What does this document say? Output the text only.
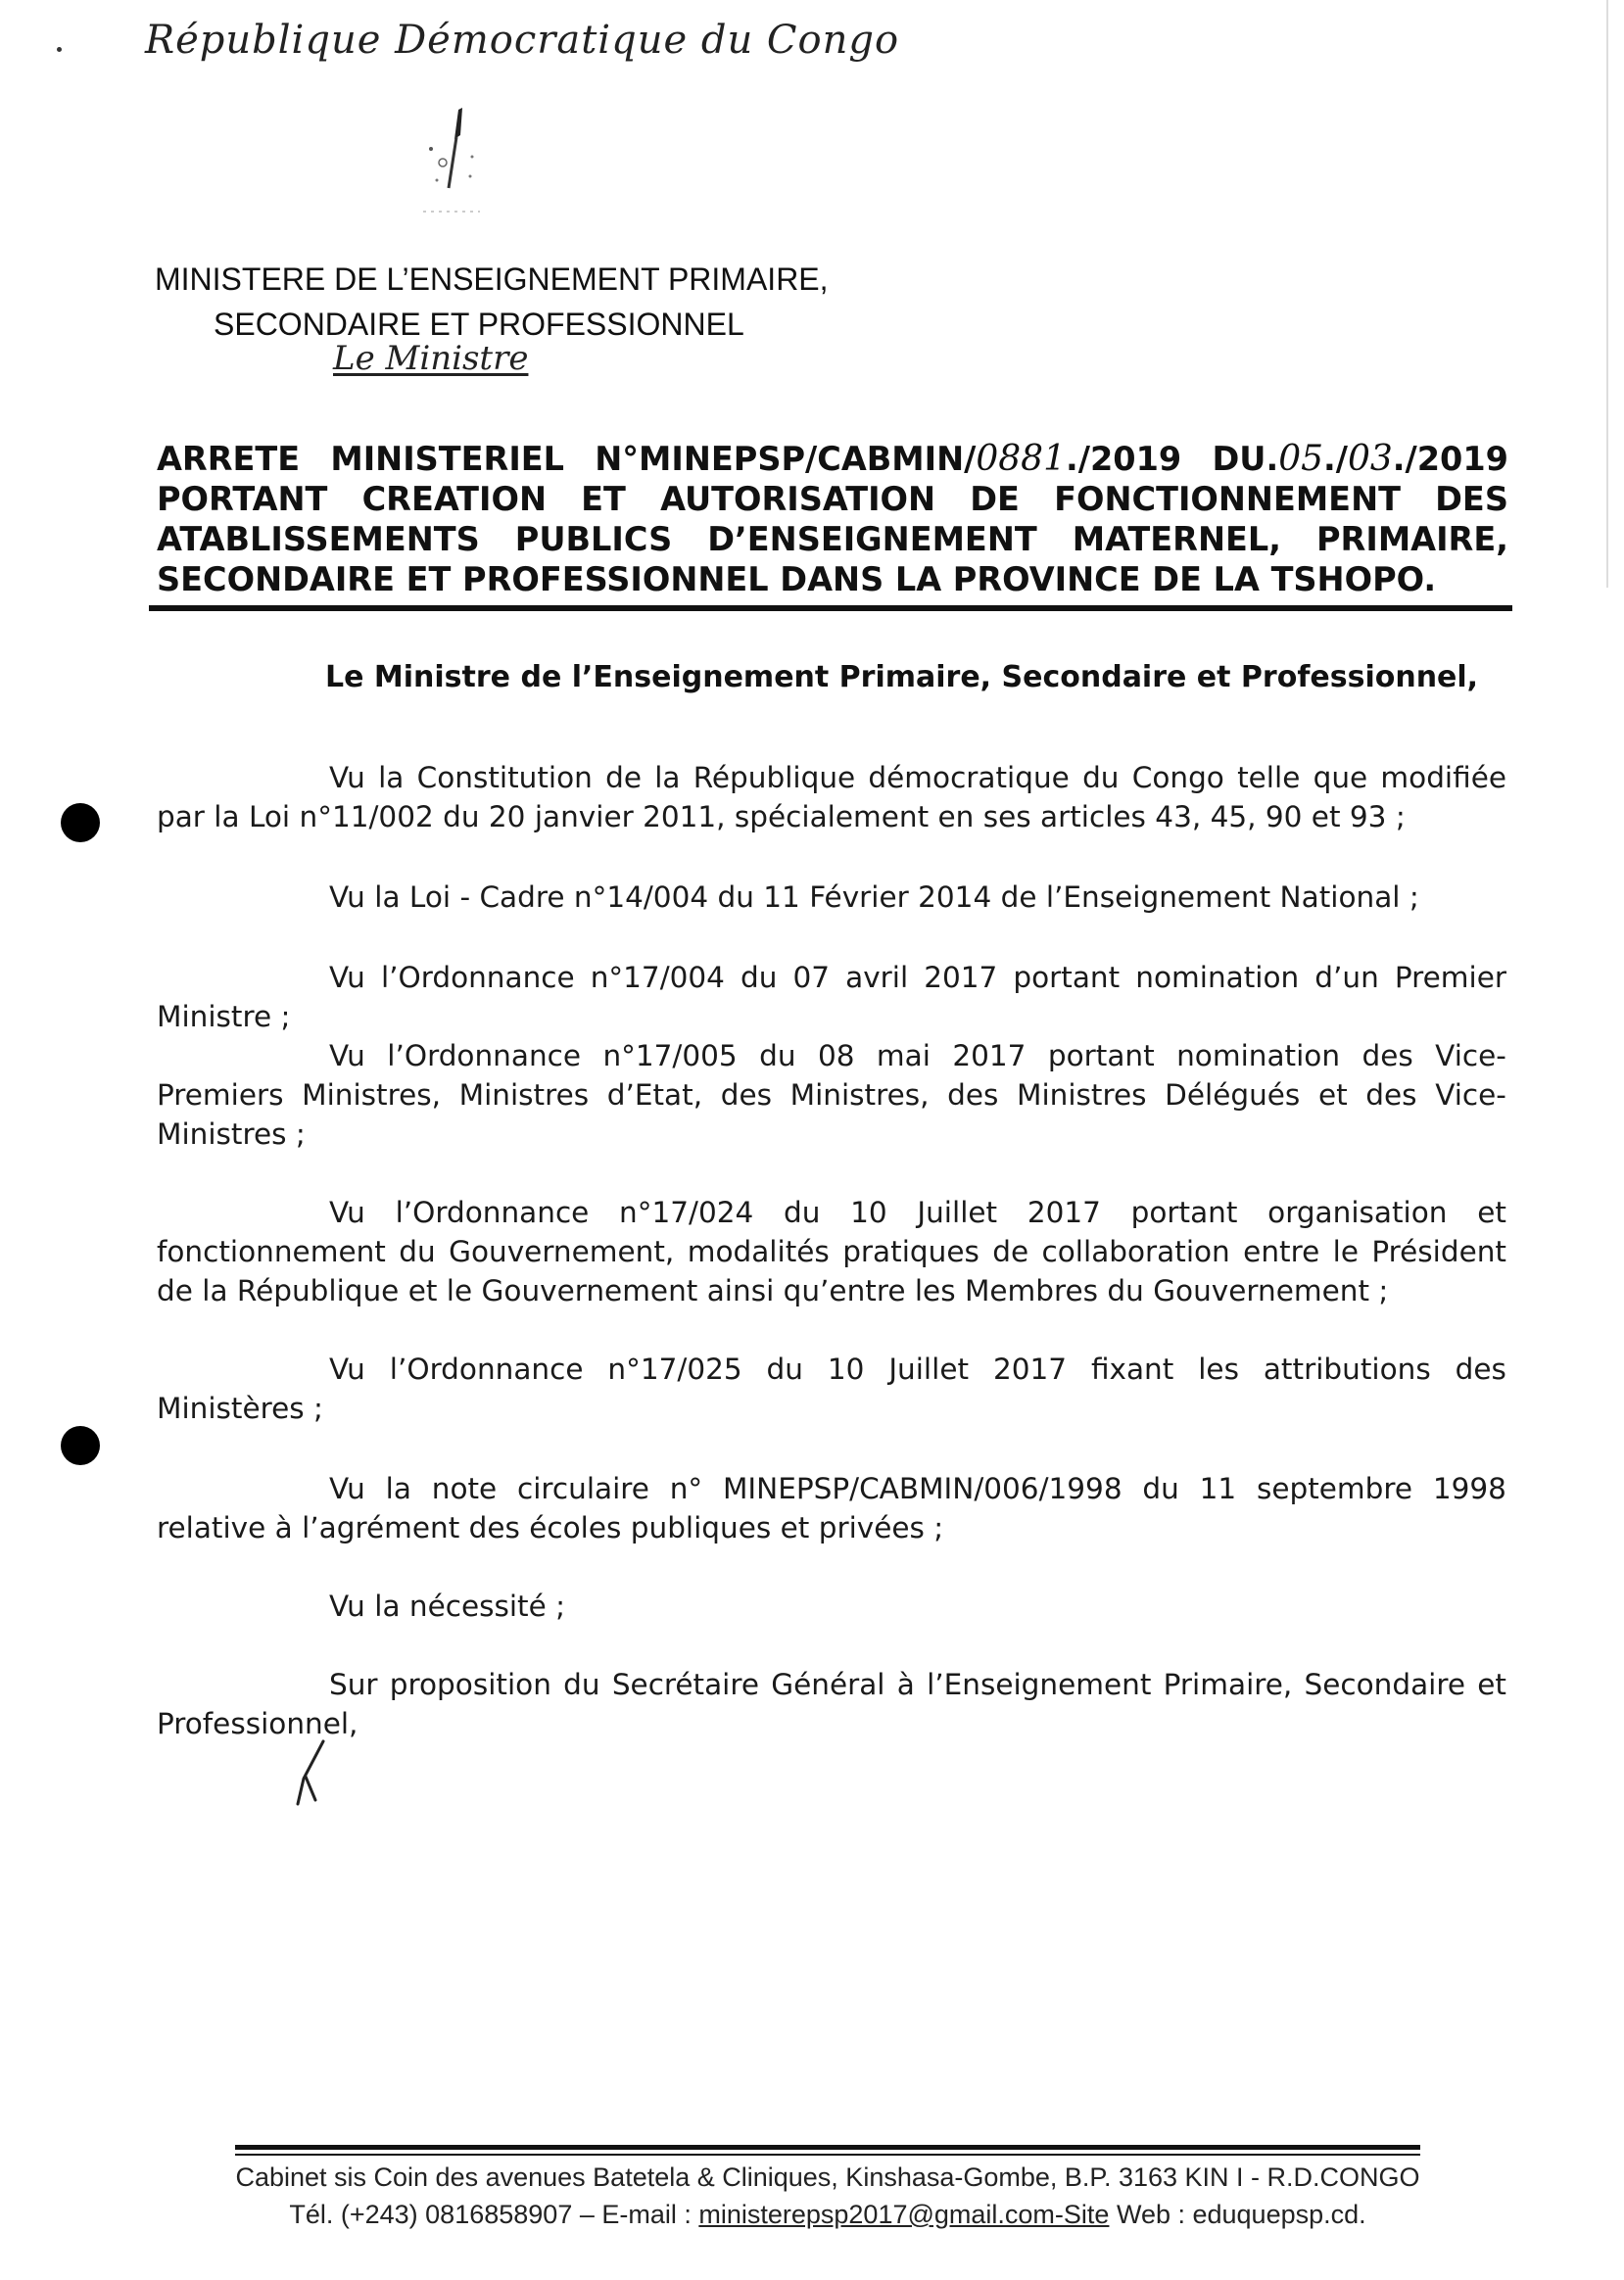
République Démocratique du Congo
MINISTERE DE L’ENSEIGNEMENT PRIMAIRE,
SECONDAIRE ET PROFESSIONNEL
Le Ministre
ARRETE MINISTERIEL N°MINEPSP/CABMIN/0881./2019 DU.05./03./2019
PORTANT CREATION ET AUTORISATION DE FONCTIONNEMENT DES
ATABLISSEMENTS PUBLICS D’ENSEIGNEMENT MATERNEL, PRIMAIRE,
SECONDAIRE ET PROFESSIONNEL DANS LA PROVINCE DE LA TSHOPO.
Le Ministre de l’Enseignement Primaire, Secondaire et Professionnel,
Vu la Constitution de la République démocratique du Congo telle que modifiée
par la Loi n°11/002 du 20 janvier 2011, spécialement en ses articles 43, 45, 90 et 93 ;
Vu la Loi - Cadre n°14/004 du 11 Février 2014 de l’Enseignement National ;
Vu l’Ordonnance n°17/004 du 07 avril 2017 portant nomination d’un Premier
Ministre ;
Vu l’Ordonnance n°17/005 du 08 mai 2017 portant nomination des Vice-
Premiers Ministres, Ministres d’Etat, des Ministres, des Ministres Délégués et des Vice-
Ministres ;
Vu l’Ordonnance n°17/024 du 10 Juillet 2017 portant organisation et
fonctionnement du Gouvernement, modalités pratiques de collaboration entre le Président
de la République et le Gouvernement ainsi qu’entre les Membres du Gouvernement ;
Vu l’Ordonnance n°17/025 du 10 Juillet 2017 fixant les attributions des
Ministères ;
Vu la note circulaire n° MINEPSP/CABMIN/006/1998 du 11 septembre 1998
relative à l’agrément des écoles publiques et privées ;
Vu la nécessité ;
Sur proposition du Secrétaire Général à l’Enseignement Primaire, Secondaire et
Professionnel,
Cabinet sis Coin des avenues Batetela & Cliniques, Kinshasa-Gombe, B.P. 3163 KIN I - R.D.CONGO
Tél. (+243) 0816858907 – E-mail : ministerepsp2017@gmail.com-Site Web : eduquepsp.cd.
